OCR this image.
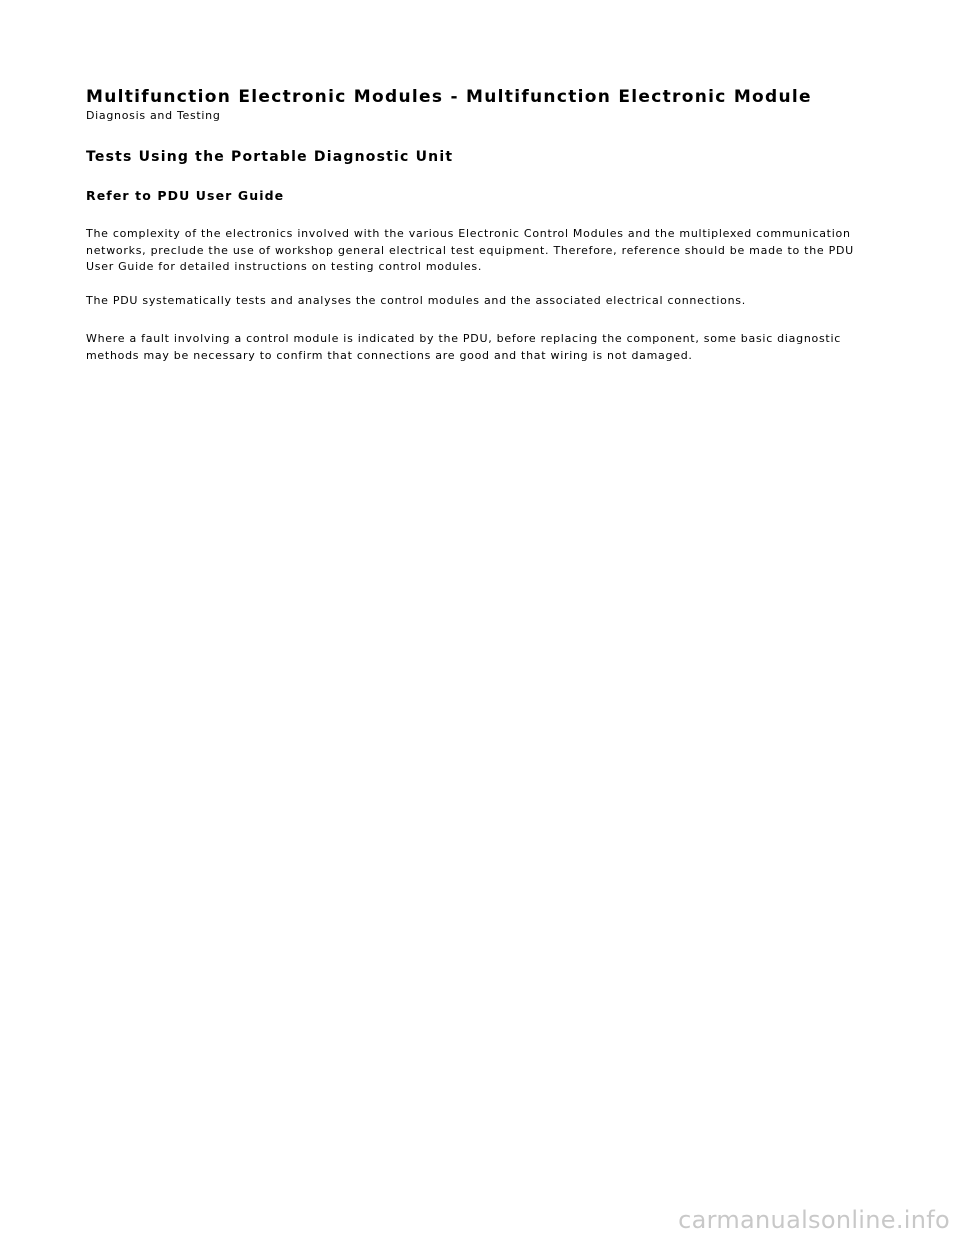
Multifunction Electronic Modules - Multifunction Electronic Module

Diagnosis and Testing

Tests Using the Portable Diagnostic Unit
Refer to PDU User Guide

The complexity of the electronics involved with the various Electronic Control Modules and the multiplexed communication networks, preclude the use of workshop general electrical test equipment. Therefore, reference should be made to the PDU User Guide for detailed instructions on testing control modules.

The PDU systematically tests and analyses the control modules and the associated electrical connections.

Where a fault involving a control module is indicated by the PDU, before replacing the component, some basic diagnostic methods may be necessary to confirm that connections are good and that wiring is not damaged.

carmanualsonline.info
